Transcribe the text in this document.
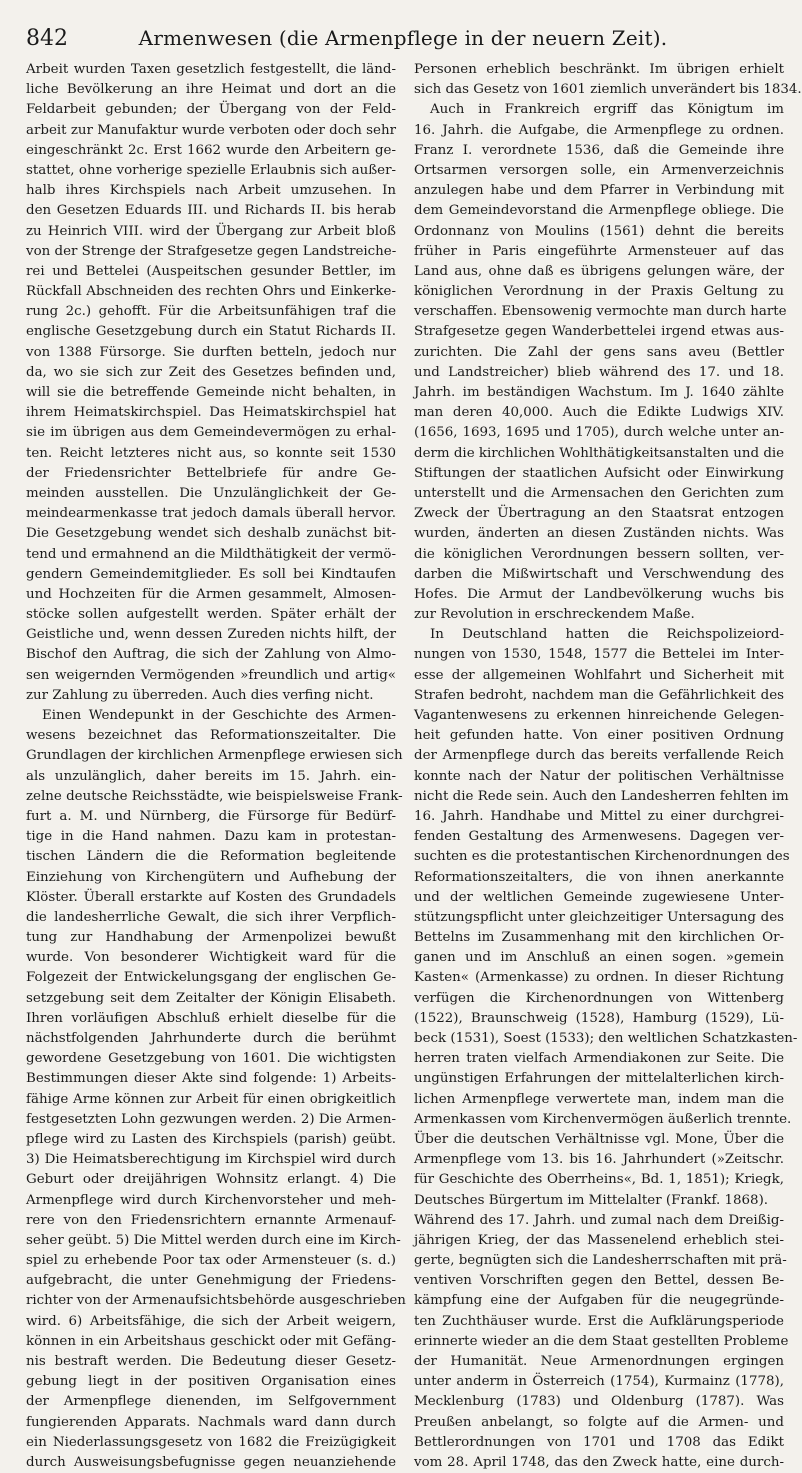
842	Armenwesen (die Armenpflege in der neuern Zeit).
Arbeit wurden Taxen gesetzlich festgestellt, die länd-
liche Bevölkerung an ihre Heimat und dort an die
Feldarbeit gebunden; der Übergang von der Feld-
arbeit zur Manufaktur wurde verboten oder doch sehr
eingeschränkt 2c. Erst 1662 wurde den Arbeitern ge-
stattet, ohne vorherige spezielle Erlaubnis sich außer-
halb ihres Kirchspiels nach Arbeit umzusehen. In
den Gesetzen Eduards III. und Richards II. bis herab
zu Heinrich VIII. wird der Übergang zur Arbeit bloß
von der Strenge der Strafgesetze gegen Landstreiche-
rei und Bettelei (Auspeitschen gesunder Bettler, im
Rückfall Abschneiden des rechten Ohrs und Einkerke-
rung 2c.) gehofft. Für die Arbeitsunfähigen traf die
englische Gesetzgebung durch ein Statut Richards II.
von 1388 Fürsorge. Sie durften betteln, jedoch nur
da, wo sie sich zur Zeit des Gesetzes befinden und,
will sie die betreffende Gemeinde nicht behalten, in
ihrem Heimatskirchspiel. Das Heimatskirchspiel hat
sie im übrigen aus dem Gemeindevermögen zu erhal-
ten. Reicht letzteres nicht aus, so konnte seit 1530
der Friedensrichter Bettelbriefe für andre Ge-
meinden ausstellen. Die Unzulänglichkeit der Ge-
meindearmenkasse trat jedoch damals überall hervor.
Die Gesetzgebung wendet sich deshalb zunächst bit-
tend und ermahnend an die Mildthätigkeit der vermö-
gendern Gemeindemitglieder. Es soll bei Kindtaufen
und Hochzeiten für die Armen gesammelt, Almosen-
stöcke sollen aufgestellt werden. Später erhält der
Geistliche und, wenn dessen Zureden nichts hilft, der
Bischof den Auftrag, die sich der Zahlung von Almo-
sen weigernden Vermögenden »freundlich und artig«
zur Zahlung zu überreden. Auch dies verfing nicht.
Einen Wendepunkt in der Geschichte des Armen-
wesens bezeichnet das Reformationszeitalter. Die
Grundlagen der kirchlichen Armenpflege erwiesen sich
als unzulänglich, daher bereits im 15. Jahrh. ein-
zelne deutsche Reichsstädte, wie beispielsweise Frank-
furt a. M. und Nürnberg, die Fürsorge für Bedürf-
tige in die Hand nahmen. Dazu kam in protestan-
tischen Ländern die die Reformation begleitende
Einziehung von Kirchengütern und Aufhebung der
Klöster. Überall erstarkte auf Kosten des Grundadels
die landesherrliche Gewalt, die sich ihrer Verpflich-
tung zur Handhabung der Armenpolizei bewußt
wurde. Von besonderer Wichtigkeit ward für die
Folgezeit der Entwickelungsgang der englischen Ge-
setzgebung seit dem Zeitalter der Königin Elisabeth.
Ihren vorläufigen Abschluß erhielt dieselbe für die
nächstfolgenden Jahrhunderte durch die berühmt
gewordene Gesetzgebung von 1601. Die wichtigsten
Bestimmungen dieser Akte sind folgende: 1) Arbeits-
fähige Arme können zur Arbeit für einen obrigkeitlich
festgesetzten Lohn gezwungen werden. 2) Die Armen-
pflege wird zu Lasten des Kirchspiels (parish) geübt.
3) Die Heimatsberechtigung im Kirchspiel wird durch
Geburt oder dreijährigen Wohnsitz erlangt. 4) Die
Armenpflege wird durch Kirchenvorsteher und meh-
rere von den Friedensrichtern ernannte Armenauf-
seher geübt. 5) Die Mittel werden durch eine im Kirch-
spiel zu erhebende Poor tax oder Armensteuer (s. d.)
aufgebracht, die unter Genehmigung der Friedens-
richter von der Armenaufsichtsbehörde ausgeschrieben
wird. 6) Arbeitsfähige, die sich der Arbeit weigern,
können in ein Arbeitshaus geschickt oder mit Gefäng-
nis bestraft werden. Die Bedeutung dieser Gesetz-
gebung liegt in der positiven Organisation eines
der Armenpflege dienenden, im Selfgovernment
fungierenden Apparats. Nachmals ward dann durch
ein Niederlassungsgesetz von 1682 die Freizügigkeit
durch Ausweisungsbefugnisse gegen neuanziehende
Personen erheblich beschränkt. Im übrigen erhielt
sich das Gesetz von 1601 ziemlich unverändert bis 1834.
Auch in Frankreich ergriff das Königtum im
16. Jahrh. die Aufgabe, die Armenpflege zu ordnen.
Franz I. verordnete 1536, daß die Gemeinde ihre
Ortsarmen versorgen solle, ein Armenverzeichnis
anzulegen habe und dem Pfarrer in Verbindung mit
dem Gemeindevorstand die Armenpflege obliege. Die
Ordonnanz von Moulins (1561) dehnt die bereits
früher in Paris eingeführte Armensteuer auf das
Land aus, ohne daß es übrigens gelungen wäre, der
königlichen Verordnung in der Praxis Geltung zu
verschaffen. Ebensowenig vermochte man durch harte
Strafgesetze gegen Wanderbettelei irgend etwas aus-
zurichten. Die Zahl der gens sans aveu (Bettler
und Landstreicher) blieb während des 17. und 18.
Jahrh. im beständigen Wachstum. Im J. 1640 zählte
man deren 40,000. Auch die Edikte Ludwigs XIV.
(1656, 1693, 1695 und 1705), durch welche unter an-
derm die kirchlichen Wohlthätigkeitsanstalten und die
Stiftungen der staatlichen Aufsicht oder Einwirkung
unterstellt und die Armensachen den Gerichten zum
Zweck der Übertragung an den Staatsrat entzogen
wurden, änderten an diesen Zuständen nichts. Was
die königlichen Verordnungen bessern sollten, ver-
darben die Mißwirtschaft und Verschwendung des
Hofes. Die Armut der Landbevölkerung wuchs bis
zur Revolution in erschreckendem Maße.
In Deutschland hatten die Reichspolizeiord-
nungen von 1530, 1548, 1577 die Bettelei im Inter-
esse der allgemeinen Wohlfahrt und Sicherheit mit
Strafen bedroht, nachdem man die Gefährlichkeit des
Vagantenwesens zu erkennen hinreichende Gelegen-
heit gefunden hatte. Von einer positiven Ordnung
der Armenpflege durch das bereits verfallende Reich
konnte nach der Natur der politischen Verhältnisse
nicht die Rede sein. Auch den Landesherren fehlten im
16. Jahrh. Handhabe und Mittel zu einer durchgrei-
fenden Gestaltung des Armenwesens. Dagegen ver-
suchten es die protestantischen Kirchenordnungen des
Reformationszeitalters, die von ihnen anerkannte
und der weltlichen Gemeinde zugewiesene Unter-
stützungspflicht unter gleichzeitiger Untersagung des
Bettelns im Zusammenhang mit den kirchlichen Or-
ganen und im Anschluß an einen sogen. »gemein
Kasten« (Armenkasse) zu ordnen. In dieser Richtung
verfügen die Kirchenordnungen von Wittenberg
(1522), Braunschweig (1528), Hamburg (1529), Lü-
beck (1531), Soest (1533); den weltlichen Schatzkasten-
herren traten vielfach Armendiakonen zur Seite. Die
ungünstigen Erfahrungen der mittelalterlichen kirch-
lichen Armenpflege verwertete man, indem man die
Armenkassen vom Kirchenvermögen äußerlich trennte.
Über die deutschen Verhältnisse vgl. Mone, Über die
Armenpflege vom 13. bis 16. Jahrhundert (»Zeitschr.
für Geschichte des Oberrheins«, Bd. 1, 1851); Kriegk,
Deutsches Bürgertum im Mittelalter (Frankf. 1868).
Während des 17. Jahrh. und zumal nach dem Dreißig-
jährigen Krieg, der das Massenelend erheblich stei-
gerte, begnügten sich die Landesherrschaften mit prä-
ventiven Vorschriften gegen den Bettel, dessen Be-
kämpfung eine der Aufgaben für die neugegründe-
ten Zuchthäuser wurde. Erst die Aufklärungsperiode
erinnerte wieder an die dem Staat gestellten Probleme
der Humanität. Neue Armenordnungen ergingen
unter anderm in Österreich (1754), Kurmainz (1778),
Mecklenburg (1783) und Oldenburg (1787). Was
Preußen anbelangt, so folgte auf die Armen- und
Bettlerordnungen von 1701 und 1708 das Edikt
vom 28. April 1748, das den Zweck hatte, eine durch-
